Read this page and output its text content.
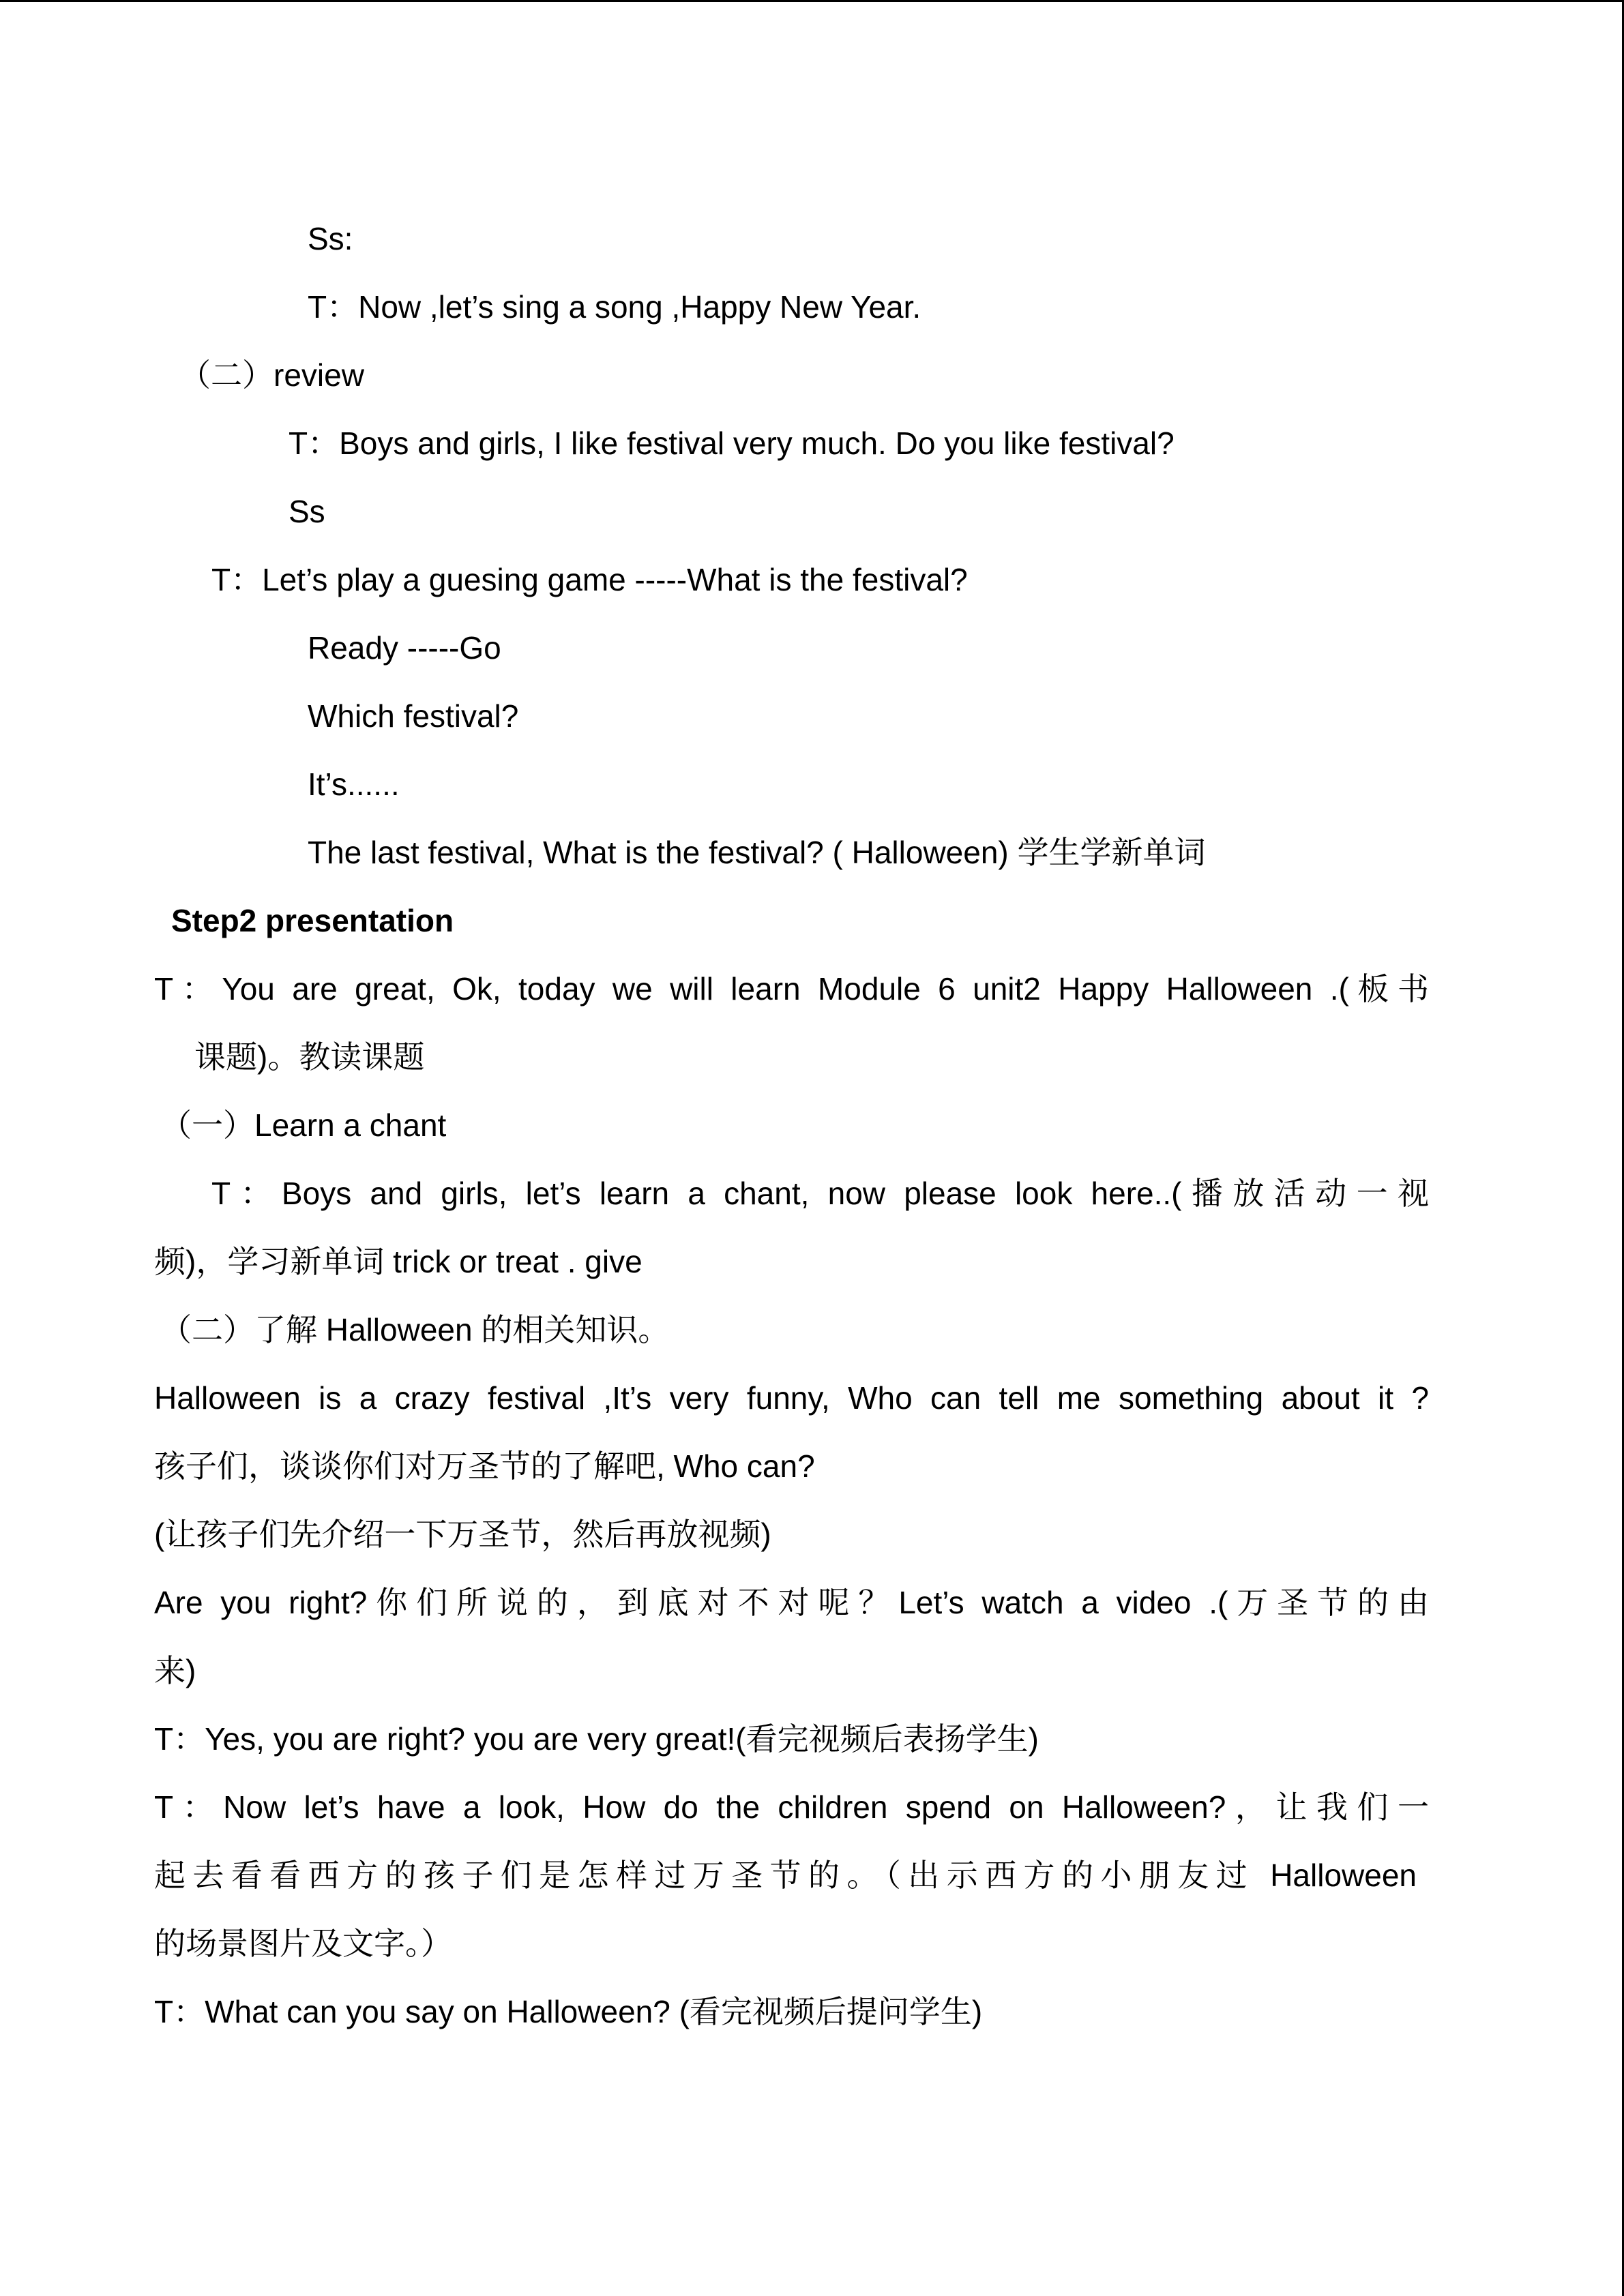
Ss:
T：Now ,let’s sing a song ,Happy New Year.
（二）review
T：Boys and girls, I like festival very much. Do you like festival?
Ss
T：Let’s play a guesing game -----What is the festival?
Ready -----Go
Which festival?
It’s......
The last festival, What is the festival? ( Halloween) 学生学新单词
Step2 presentation
T：You are great, Ok, today we will learn Module 6 unit2 Happy Halloween .(板书
课题)。教读课题
（一）Learn a chant
T：Boys and girls, let’s learn a chant, now please look here..(播放活动一视
频)，学习新单词 trick or treat . give
（二）了解 Halloween 的相关知识。
Halloween is a crazy festival ,It’s very funny, Who can tell me something about it ?
孩子们，谈谈你们对万圣节的了解吧, Who can?
(让孩子们先介绍一下万圣节，然后再放视频)
Are you right?你们所说的，到底对不对呢？Let’s watch a video .(万圣节的由
来)
T：Yes, you are right? you are very great!(看完视频后表扬学生)
T：Now let’s have a look, How do the children spend on Halloween?，让我们一
起去看看西方的孩子们是怎样过万圣节的。（出示西方的小朋友过 Halloween
的场景图片及文字。）
T：What can you say on Halloween? (看完视频后提问学生)
